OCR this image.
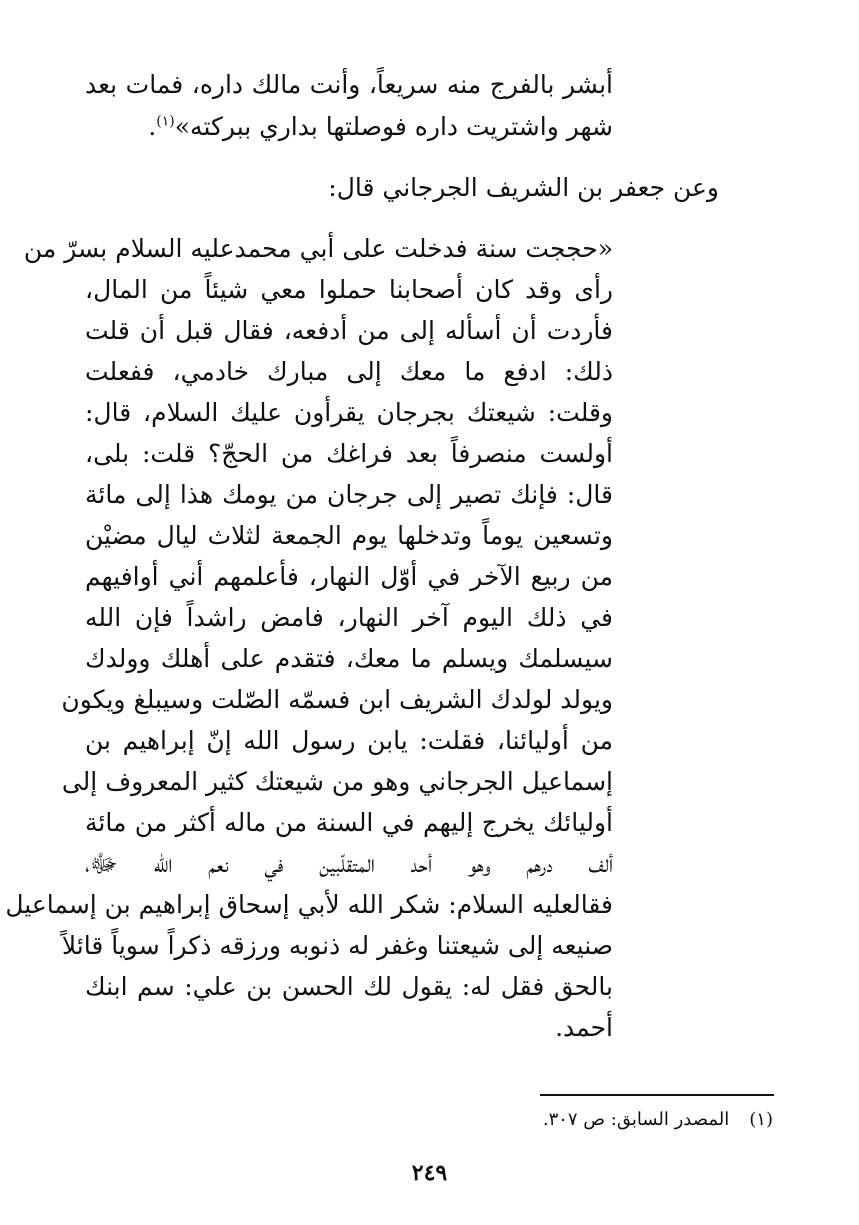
أبشر بالفرج منه سريعاً، وأنت مالك داره، فمات بعد
شهر واشتريت داره فوصلتها بداري ببركته»$^{(١)}$.
وعن جعفر بن الشريف الجرجاني قال:
«حججت سنة فدخلت على أبي محمدعليه السلام بسرّ من
رأى وقد كان أصحابنا حملوا معي شيئاً من المال،
فأردت أن أسأله إلى من أدفعه، فقال قبل أن قلت
ذلك: ادفع ما معك إلى مبارك خادمي، ففعلت
وقلت: شيعتك بجرجان يقرأون عليك السلام، قال:
أولست منصرفاً بعد فراغك من الحجّ؟ قلت: بلى،
قال: فإنك تصير إلى جرجان من يومك هذا إلى مائة
وتسعين يوماً وتدخلها يوم الجمعة لثلاث ليال مضيْن
من ربيع الآخر في أوّل النهار، فأعلمهم أني أوافيهم
في ذلك اليوم آخر النهار، فامض راشداً فإن الله
سيسلمك ويسلم ما معك، فتقدم على أهلك وولدك
ويولد لولدك الشريف ابن فسمّه الصّلت وسيبلغ ويكون
من أوليائنا، فقلت: يابن رسول الله إنّ إبراهيم بن
إسماعيل الجرجاني وهو من شيعتك كثير المعروف إلى
أوليائك يخرج إليهم في السنة من ماله أكثر من مائة
ألف درهم وهو أحد المتقلّبين في نعم الله ﷻ،
فقالعليه السلام: شكر الله لأبي إسحاق إبراهيم بن إسماعيل
صنيعه إلى شيعتنا وغفر له ذنوبه ورزقه ذكراً سوياً قائلاً
بالحق فقل له: يقول لك الحسن بن علي: سم ابنك
أحمد.
(١)المصدر السابق: ص ٣٠٧.
٢٤٩
